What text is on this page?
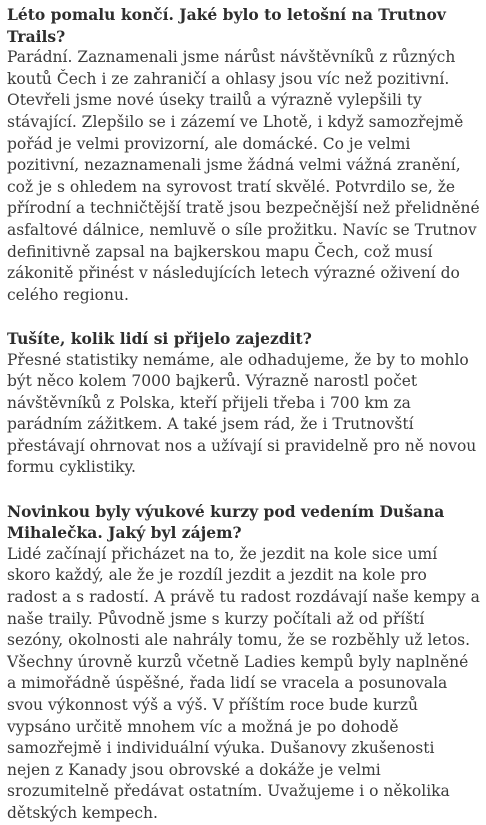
Léto pomalu končí. Jaké bylo to letošní na Trutnov Trails?

Parádní. Zaznamenali jsme nárůst návštěvníků z různých koutů Čech i ze zahraničí a ohlasy jsou víc než pozitivní. Otevřeli jsme nové úseky trailů a výrazně vylepšili ty stávající. Zlepšilo se i zázemí ve Lhotě, i když samozřejmě pořád je velmi provizorní, ale domácké. Co je velmi pozitivní, nezaznamenali jsme žádná velmi vážná zranění, což je s ohledem na syrovost tratí skvělé. Potvrdilo se, že přírodní a techničtější tratě jsou bezpečnější než přelidněné asfaltové dálnice, nemluvě o síle prožitku. Navíc se Trutnov definitivně zapsal na bajkerskou mapu Čech, což musí zákonitě přinést v následujících letech výrazné oživení do celého regionu.

Tušíte, kolik lidí si přijelo zajezdit?

Přesné statistiky nemáme, ale odhadujeme, že by to mohlo být něco kolem 7000 bajkerů. Výrazně narostl počet návštěvníků z Polska, kteří přijeli třeba i 700 km za parádním zážitkem. A také jsem rád, že i Trutnovští přestávají ohrnovat nos a užívají si pravidelně pro ně novou formu cyklistiky.

Novinkou byly výukové kurzy pod vedením Dušana Mihalečka. Jaký byl zájem?

Lidé začínají přicházet na to, že jezdit na kole sice umí skoro každý, ale že je rozdíl jezdit a jezdit na kole pro radost a s radostí. A právě tu radost rozdávají naše kempy a naše traily. Původně jsme s kurzy počítali až od příští sezóny, okolnosti ale nahrály tomu, že se rozběhly už letos. Všechny úrovně kurzů včetně Ladies kempů byly naplněné a mimořádně úspěšné, řada lidí se vracela a posunovala svou výkonnost výš a výš. V příštím roce bude kurzů vypsáno určitě mnohem víc a možná je po dohodě samozřejmě i individuální výuka. Dušanovy zkušenosti nejen z Kanady jsou obrovské a dokáže je velmi srozumitelně předávat ostatním. Uvažujeme i o několika dětských kempech.
